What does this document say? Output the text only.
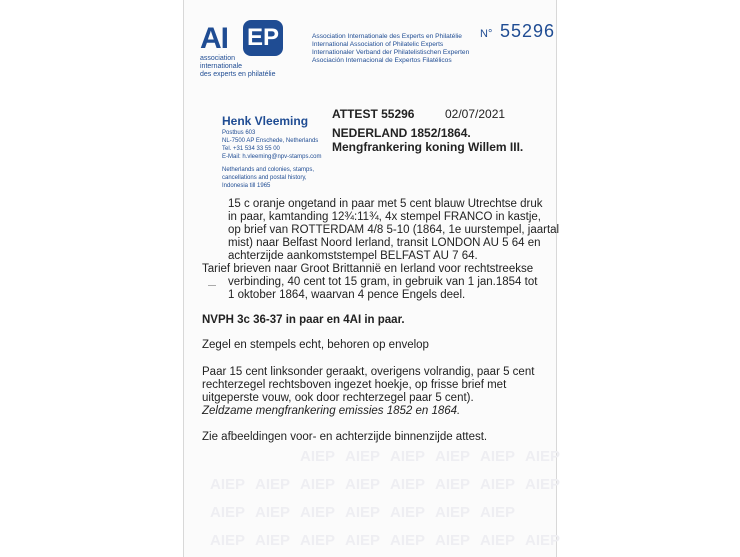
AI EP
association
internationale
des experts en philatélie
Association Internationale des Experts en Philatélie
International Association of Philatelic Experts
Internationaler Verband der Philatelistischen Experten
Asociación Internacional de Expertos Filatélicos
N° 55296
ATTEST 55296	02/07/2021
NEDERLAND 1852/1864.
Mengfrankering koning Willem III.
Henk Vleeming
Postbus 603
NL-7500 AP Enschede, Netherlands
Tel. +31 534 33 55 00
E-Mail: h.vleeming@npv-stamps.com
Netherlands and colonies, stamps,
cancellations and postal history,
Indonesia till 1965
15 c oranje ongetand in paar met 5 cent blauw Utrechtse druk
in paar, kamtanding 12¾:11¾, 4x stempel FRANCO in kastje,
op brief van ROTTERDAM 4/8 5-10 (1864, 1e uurstempel, jaartal
mist) naar Belfast Noord Ierland, transit LONDON AU 5 64 en
achterzijde aankomststempel BELFAST AU 7 64.
Tarief brieven naar Groot Brittannië en Ierland voor rechtstreekse
verbinding, 40 cent tot 15 gram, in gebruik van 1 jan.1854 tot
1 oktober 1864, waarvan 4 pence Engels deel.
NVPH 3c 36-37 in paar en 4AI in paar.
Zegel en stempels echt, behoren op envelop
Paar 15 cent linksonder geraakt, overigens volrandig, paar 5 cent
rechterzegel rechtsboven ingezet hoekje, op frisse brief met
uitgeperste vouw, ook door rechterzegel paar 5 cent).
Zeldzame mengfrankering emissies 1852 en 1864.
Zie afbeeldingen voor- en achterzijde binnenzijde attest.
AIEP AIEP AIEP AIEP AIEP AIEP
AIEP AIEP AIEP AIEP AIEP AIEP AIEP AIEP
AIEP AIEP AIEP AIEP AIEP AIEP AIEP
AIEP AIEP AIEP AIEP AIEP AIEP AIEP AIEP
